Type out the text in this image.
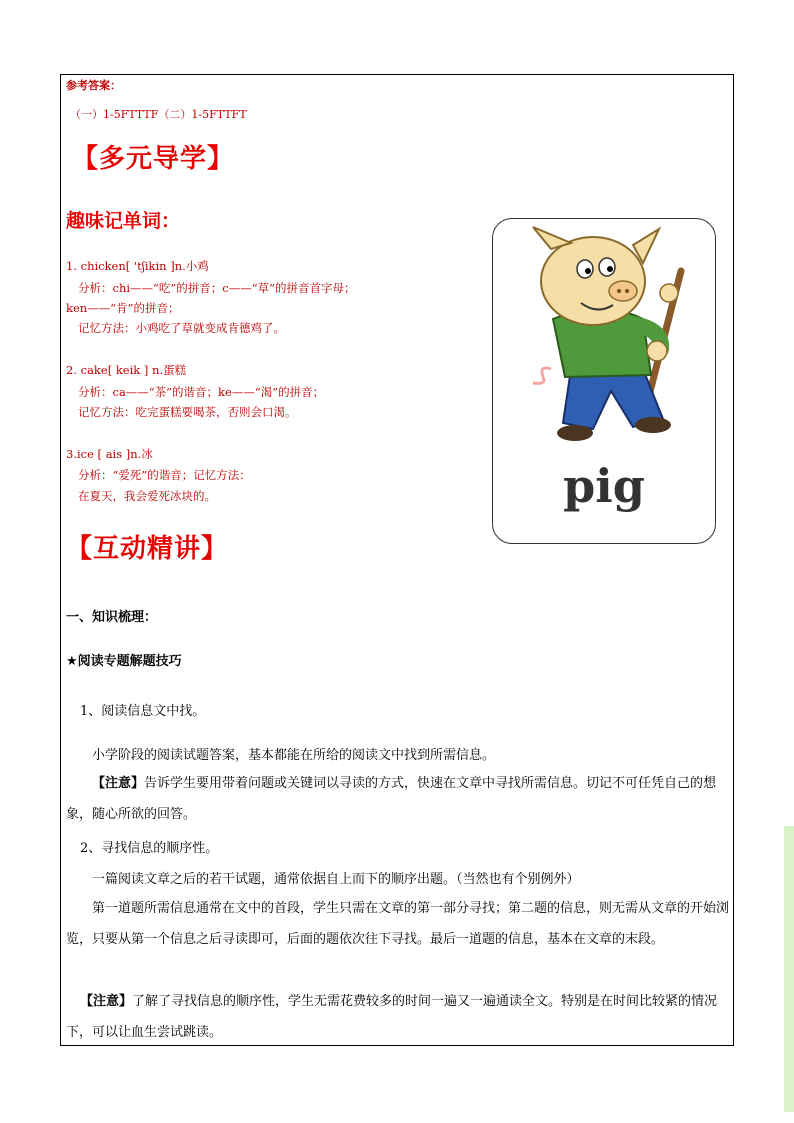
参考答案：
（一）1-5FTTTF（二）1-5FTTFT
【多元导学】
趣味记单词：
1. chicken[ 'tʃikin ]n.小鸡
分析：chi——“吃”的拼音；c——“草”的拼音首字母；
ken——“肯”的拼音；
记忆方法：小鸡吃了草就变成肯德鸡了。
2. cake[ keik ] n.蛋糕
分析：ca——“茶”的谐音；ke——“渴”的拼音；
记忆方法：吃完蛋糕要喝茶，否则会口渴。
3.ice [ ais ]n.冰
分析：“爱死”的谐音；记忆方法：
在夏天，我会爱死冰块的。	pig
【互动精讲】
一、知识梳理：
★阅读专题解题技巧
1、阅读信息文中找。
小学阶段的阅读试题答案，基本都能在所给的阅读文中找到所需信息。
【注意】告诉学生要用带着问题或关键词以寻读的方式，快速在文章中寻找所需信息。切记不可任凭自己的想象，随心所欲的回答。
2、寻找信息的顺序性。
一篇阅读文章之后的若干试题，通常依据自上而下的顺序出题。（当然也有个别例外）
第一道题所需信息通常在文中的首段，学生只需在文章的第一部分寻找；第二题的信息，则无需从文章的开始浏览，只要从第一个信息之后寻读即可，后面的题依次往下寻找。最后一道题的信息，基本在文章的末段。
【注意】了解了寻找信息的顺序性，学生无需花费较多的时间一遍又一遍通读全文。特别是在时间比较紧的情况下，可以让血生尝试跳读。
